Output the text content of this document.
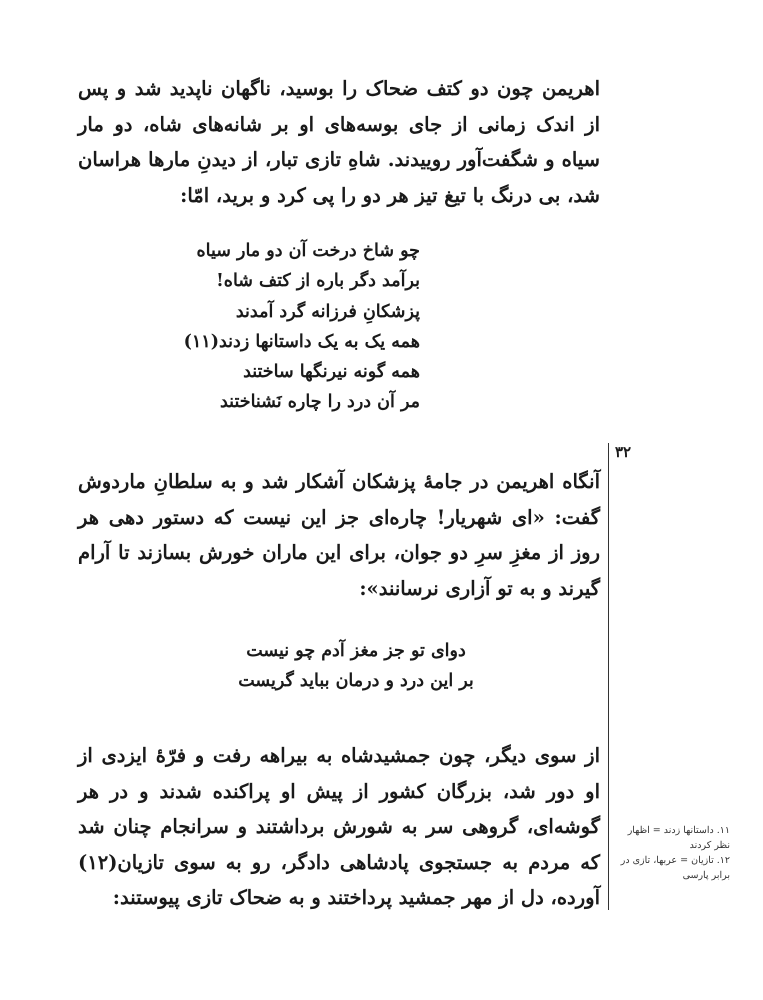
اهریمن چون دو کتف ضحاک را بوسید، ناگهان ناپدید شد و پس از اندک زمانی از جای بوسه‌های او بر شانه‌های شاه، دو مار سیاه و شگفت‌آور روییدند. شاهِ تازی تبار، از دیدنِ مارها هراسان شد، بی درنگ با تیغ تیز هر دو را پی کرد و برید، امّا:

چو شاخ درخت آن دو مار سیاه
برآمد دگر باره از کتف شاه!
پزشکانِ فرزانه گرد آمدند
همه یک به یک داستانها زدند(۱۱)
همه گونه نیرنگها ساختند
مر آن درد را چاره نَشناختند
۳۲

آنگاه اهریمن در جامهٔ پزشکان آشکار شد و به سلطانِ ماردوش گفت: «ای شهریار! چاره‌ای جز این نیست که دستور دهی هر روز از مغزِ سرِ دو جوان، برای این ماران خورش بسازند تا آرام گیرند و به تو آزاری نرسانند»:

دوای تو جز مغز آدم چو نیست
بر این درد و درمان بباید گریست

از سوی دیگر، چون جمشیدشاه به بیراهه رفت و فرّهٔ ایزدی از او دور شد، بزرگان کشور از پیش او پراکنده شدند و در هر گوشه‌ای، گروهی سر به شورش برداشتند و سرانجام چنان شد که مردم به جستجوی پادشاهی دادگر، رو به سوی تازیان(۱۲) آورده، دل از مهر جمشید پرداختند و به ضحاک تازی پیوستند:

۱۱. داستانها زدند = اظهار نظر کردند
۱۲. تازیان = عربها، تازی در برابر پارسی
